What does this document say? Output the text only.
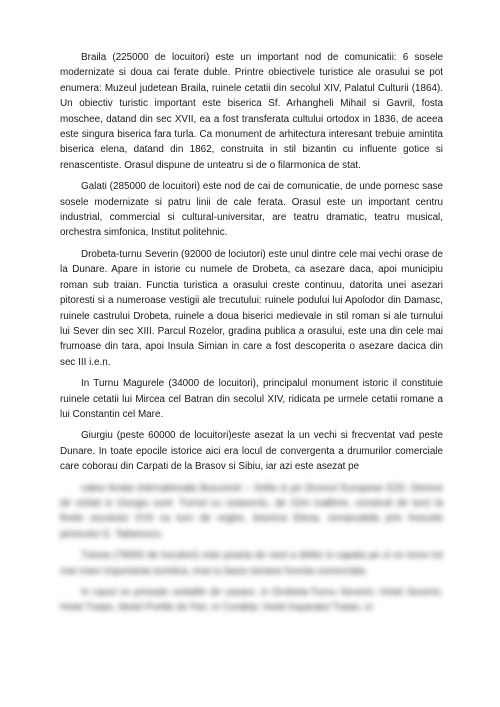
Braila (225000 de locuitori) este un important nod de comunicatii: 6 sosele modernizate si doua cai ferate duble. Printre obiectivele turistice ale orasului se pot enumera: Muzeul judetean Braila, ruinele cetatii din secolul XIV, Palatul Culturii (1864). Un obiectiv turistic important este biserica Sf. Arhangheli Mihail si Gavril, fosta moschee, datand din sec XVII, ea a fost transferata cultului ortodox in 1836, de aceea este singura biserica fara turla. Ca monument de arhitectura interesant trebuie amintita biserica elena, datand din 1862, construita in stil bizantin cu influente gotice si renascentiste. Orasul dispune de unteatru si de o filarmonica de stat.

Galati (285000 de locuitori) este nod de cai de comunicatie, de unde pornesc sase sosele modernizate si patru linii de cale ferata. Orasul este un important centru industrial, commercial si cultural-universitar, are teatru dramatic, teatru musical, orchestra simfonica, Institut politehnic.

Drobeta-turnu Severin (92000 de lociutori) este unul dintre cele mai vechi orase de la Dunare. Apare in istorie cu numele de Drobeta, ca asezare daca, apoi municipiu roman sub traian. Functia turistica a orasului creste continuu, datorita unei asezari pitoresti si a numeroase vestigii ale trecutului: ruinele podului lui Apolodor din Damasc, ruinele castrului Drobeta, ruinele a doua biserici medievale in stil roman si ale turnului lui Sever din sec XIII. Parcul Rozelor, gradina publica a orasului, este una din cele mai frumoase din tara, apoi Insula Simian in care a fost descoperita o asezare dacica din sec III i.e.n.

In Turnu Magurele (34000 de locuitori), principalul monument istoric il constituie ruinele cetatii lui Mircea cel Batran din secolul XIV, ridicata pe urmele cetatii romane a lui Constantin cel Mare.

Giurgiu (peste 60000 de locuitori)este asezat la un vechi si frecventat vad peste Dunare. In toate epocile istorice aici era locul de convergenta a drumurilor comerciale care coborau din Carpati de la Brasov si Sibiu, iar azi este asezat pe

calea ferata internationala Bucuresti – Sofia si pe Drumul European E20. Demne de vizitat in Giurgiu sunt: Turnul cu ceasornic, de 22m inaltime, construit de turci la finele secolului XVII ca turn de veghe, biserica Elena, remarcabila prin frescele pictorului G. Tattarescu.

Tulcea (78000 de locuitori) este poarta de vest a deltei si capata pe zi ce trece tot mai mare importanta turistica, insa tu baza ramane functia comerciala.

In cazul ce privește unitatile de cazare, in Drobeta-Turnu Severin: Hotel Severin, Hotel Traian, Motel Portile de Fier, in Corabia: Hotel Imparatul Traian, in
